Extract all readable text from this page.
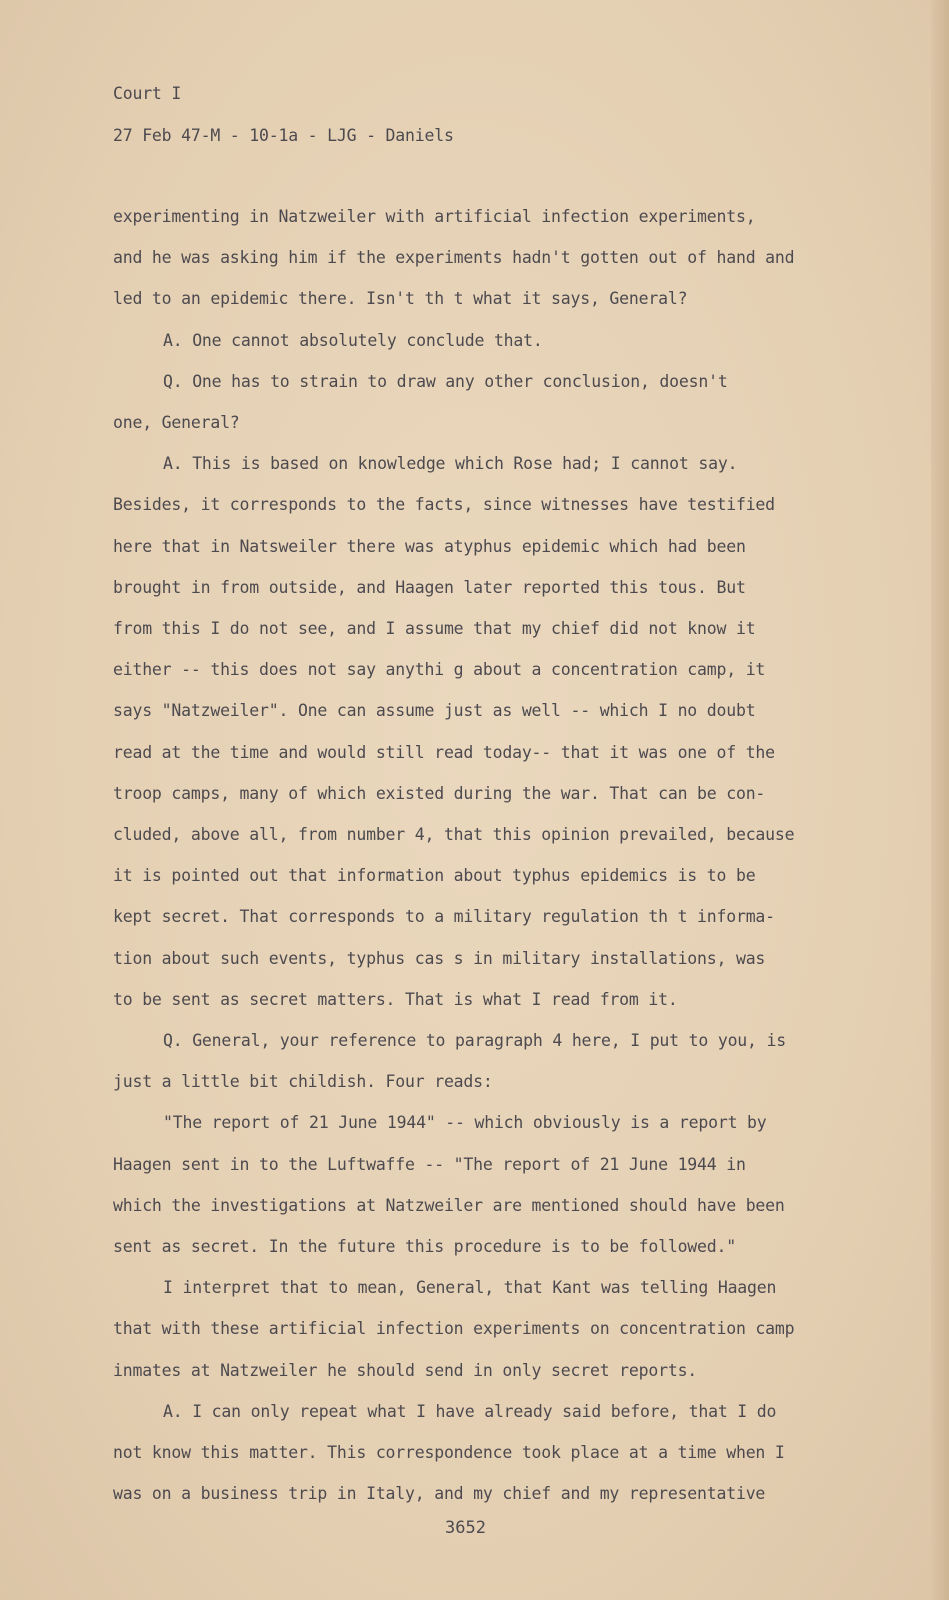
Court I
27 Feb 47-M - 10-1a - LJG - Daniels
experimenting in Natzweiler with artificial infection experiments,
and he was asking him if the experiments hadn't gotten out of hand and
led to an epidemic there. Isn't th t what it says, General?
A. One cannot absolutely conclude that.
Q. One has to strain to draw any other conclusion, doesn't
one, General?
A. This is based on knowledge which Rose had; I cannot say.
Besides, it corresponds to the facts, since witnesses have testified
here that in Natsweiler there was atyphus epidemic which had been
brought in from outside, and Haagen later reported this tous. But
from this I do not see, and I assume that my chief did not know it
either -- this does not say anythi g about a concentration camp, it
says "Natzweiler". One can assume just as well -- which I no doubt
read at the time and would still read today-- that it was one of the
troop camps, many of which existed during the war. That can be con-
cluded, above all, from number 4, that this opinion prevailed, because
it is pointed out that information about typhus epidemics is to be
kept secret. That corresponds to a military regulation th t informa-
tion about such events, typhus cas s in military installations, was
to be sent as secret matters. That is what I read from it.
Q. General, your reference to paragraph 4 here, I put to you, is
just a little bit childish. Four reads:
"The report of 21 June 1944" -- which obviously is a report by
Haagen sent in to the Luftwaffe -- "The report of 21 June 1944 in
which the investigations at Natzweiler are mentioned should have been
sent as secret. In the future this procedure is to be followed."
I interpret that to mean, General, that Kant was telling Haagen
that with these artificial infection experiments on concentration camp
inmates at Natzweiler he should send in only secret reports.
A. I can only repeat what I have already said before, that I do
not know this matter. This correspondence took place at a time when I
was on a business trip in Italy, and my chief and my representative
3652
